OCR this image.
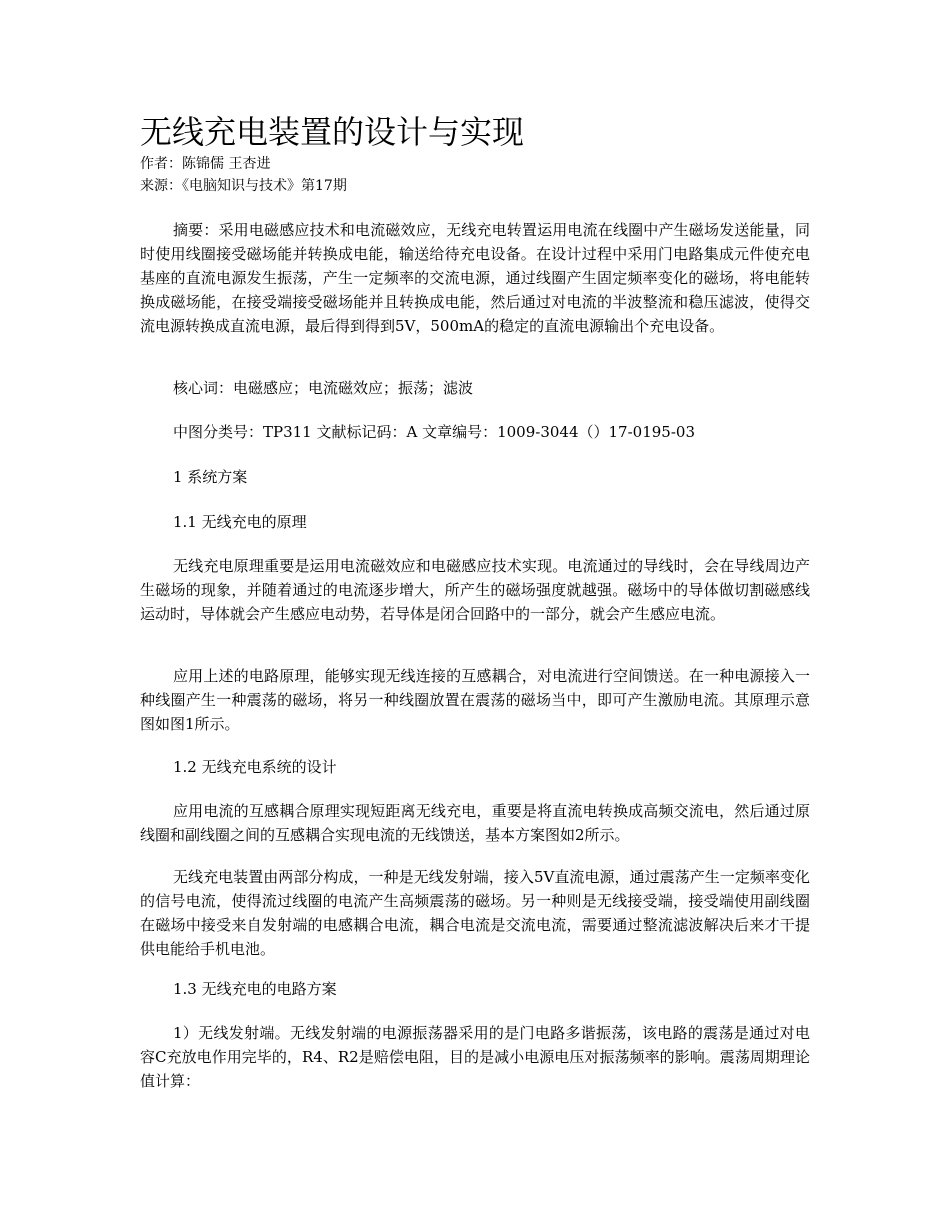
无线充电装置的设计与实现
作者：陈锦儒 王杏进
来源：《电脑知识与技术》第17期

摘要：采用电磁感应技术和电流磁效应，无线充电转置运用电流在线圈中产生磁场发送能量，同时使用线圈接受磁场能并转换成电能，输送给待充电设备。在设计过程中采用门电路集成元件使充电基座的直流电源发生振荡，产生一定频率的交流电源，通过线圈产生固定频率变化的磁场，将电能转换成磁场能，在接受端接受磁场能并且转换成电能，然后通过对电流的半波整流和稳压滤波，使得交流电源转换成直流电源，最后得到得到5V，500mA的稳定的直流电源输出个充电设备。

核心词：电磁感应；电流磁效应；振荡；滤波

中图分类号：TP311 文献标记码：A 文章编号：1009-3044（）17-0195-03

1 系统方案

1.1 无线充电的原理

无线充电原理重要是运用电流磁效应和电磁感应技术实现。电流通过的导线时，会在导线周边产生磁场的现象，并随着通过的电流逐步增大，所产生的磁场强度就越强。磁场中的导体做切割磁感线运动时，导体就会产生感应电动势，若导体是闭合回路中的一部分，就会产生感应电流。

应用上述的电路原理，能够实现无线连接的互感耦合，对电流进行空间馈送。在一种电源接入一种线圈产生一种震荡的磁场，将另一种线圈放置在震荡的磁场当中，即可产生激励电流。其原理示意图如图1所示。

1.2 无线充电系统的设计

应用电流的互感耦合原理实现短距离无线充电，重要是将直流电转换成高频交流电，然后通过原线圈和副线圈之间的互感耦合实现电流的无线馈送，基本方案图如2所示。

无线充电装置由两部分构成，一种是无线发射端，接入5V直流电源，通过震荡产生一定频率变化的信号电流，使得流过线圈的电流产生高频震荡的磁场。另一种则是无线接受端，接受端使用副线圈在磁场中接受来自发射端的电感耦合电流，耦合电流是交流电流，需要通过整流滤波解决后来才干提供电能给手机电池。

1.3 无线充电的电路方案

1）无线发射端。无线发射端的电源振荡器采用的是门电路多谐振荡，该电路的震荡是通过对电容C充放电作用完毕的，R4、R2是赔偿电阻，目的是减小电源电压对振荡频率的影响。震荡周期理论值计算：
